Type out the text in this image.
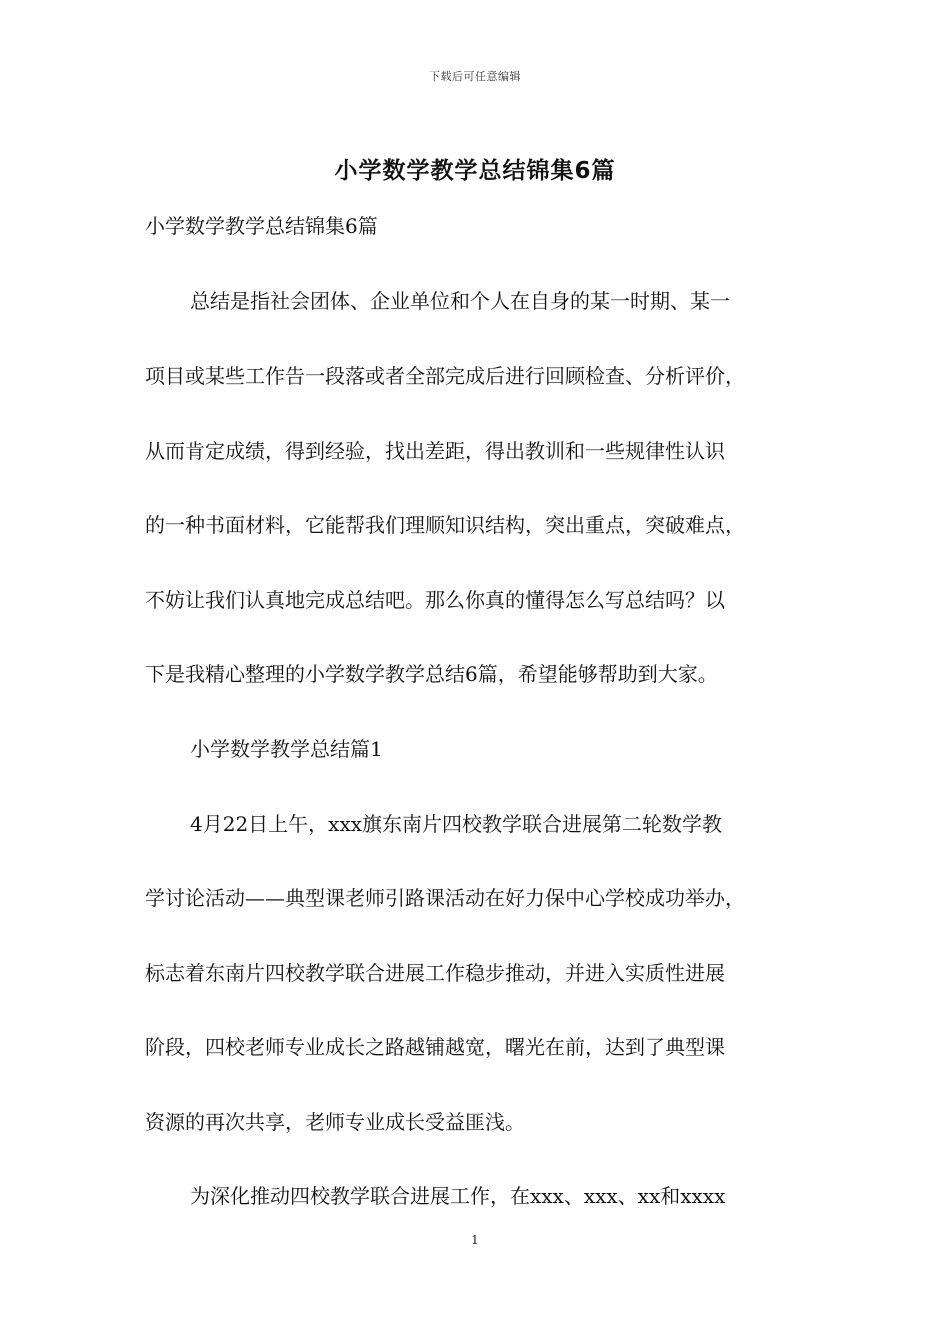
下载后可任意编辑
小学数学教学总结锦集6篇
小学数学教学总结锦集6篇
总结是指社会团体、企业单位和个人在自身的某一时期、某一
项目或某些工作告一段落或者全部完成后进行回顾检查、分析评价，
从而肯定成绩，得到经验，找出差距，得出教训和一些规律性认识
的一种书面材料，它能帮我们理顺知识结构，突出重点，突破难点，
不妨让我们认真地完成总结吧。那么你真的懂得怎么写总结吗？以
下是我精心整理的小学数学教学总结6篇，希望能够帮助到大家。
小学数学教学总结篇1
4月22日上午，xxx旗东南片四校教学联合进展第二轮数学教
学讨论活动——典型课老师引路课活动在好力保中心学校成功举办，
标志着东南片四校教学联合进展工作稳步推动，并进入实质性进展
阶段，四校老师专业成长之路越铺越宽，曙光在前，达到了典型课
资源的再次共享，老师专业成长受益匪浅。
为深化推动四校教学联合进展工作，在xxx、xxx、xx和xxxx
1
